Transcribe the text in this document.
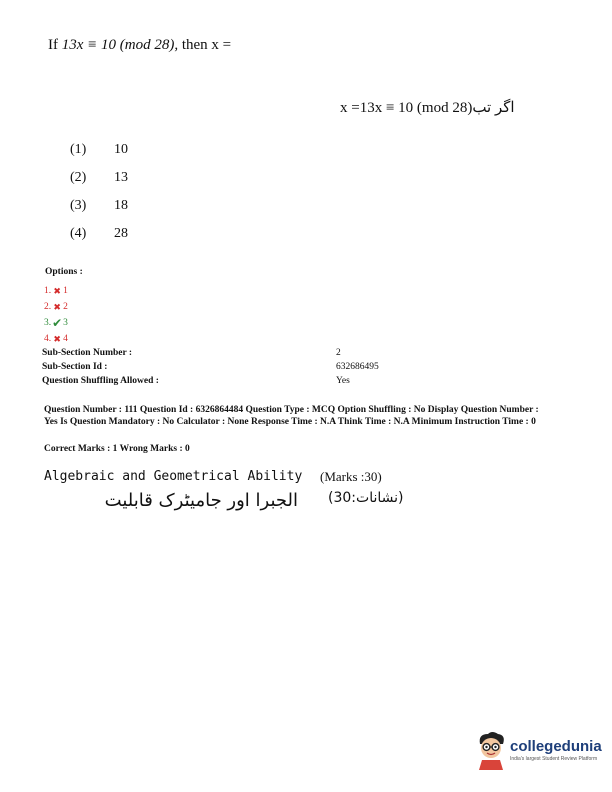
If 13x ≡ 10 (mod 28), then x =
x =13x ≡ 10 (mod 28)اگر تب
(1)	10
(2)	13
(3)	18
(4)	28
Options :
1. ✖ 1
2. ✖ 2
3. ✔ 3
4. ✖ 4
Sub-Section Number :	2
Sub-Section Id :	632686495
Question Shuffling Allowed :	Yes
Question Number : 111 Question Id : 6326864484 Question Type : MCQ Option Shuffling : No Display Question Number : Yes Is Question Mandatory : No Calculator : None Response Time : N.A Think Time : N.A Minimum Instruction Time : 0
Correct Marks : 1 Wrong Marks : 0
Algebraic and Geometrical Ability (Marks :30)
الجبرا اور جامیٹرک قابلیت (نشانات:30)
collegedunia
India's largest Student Review Platform
